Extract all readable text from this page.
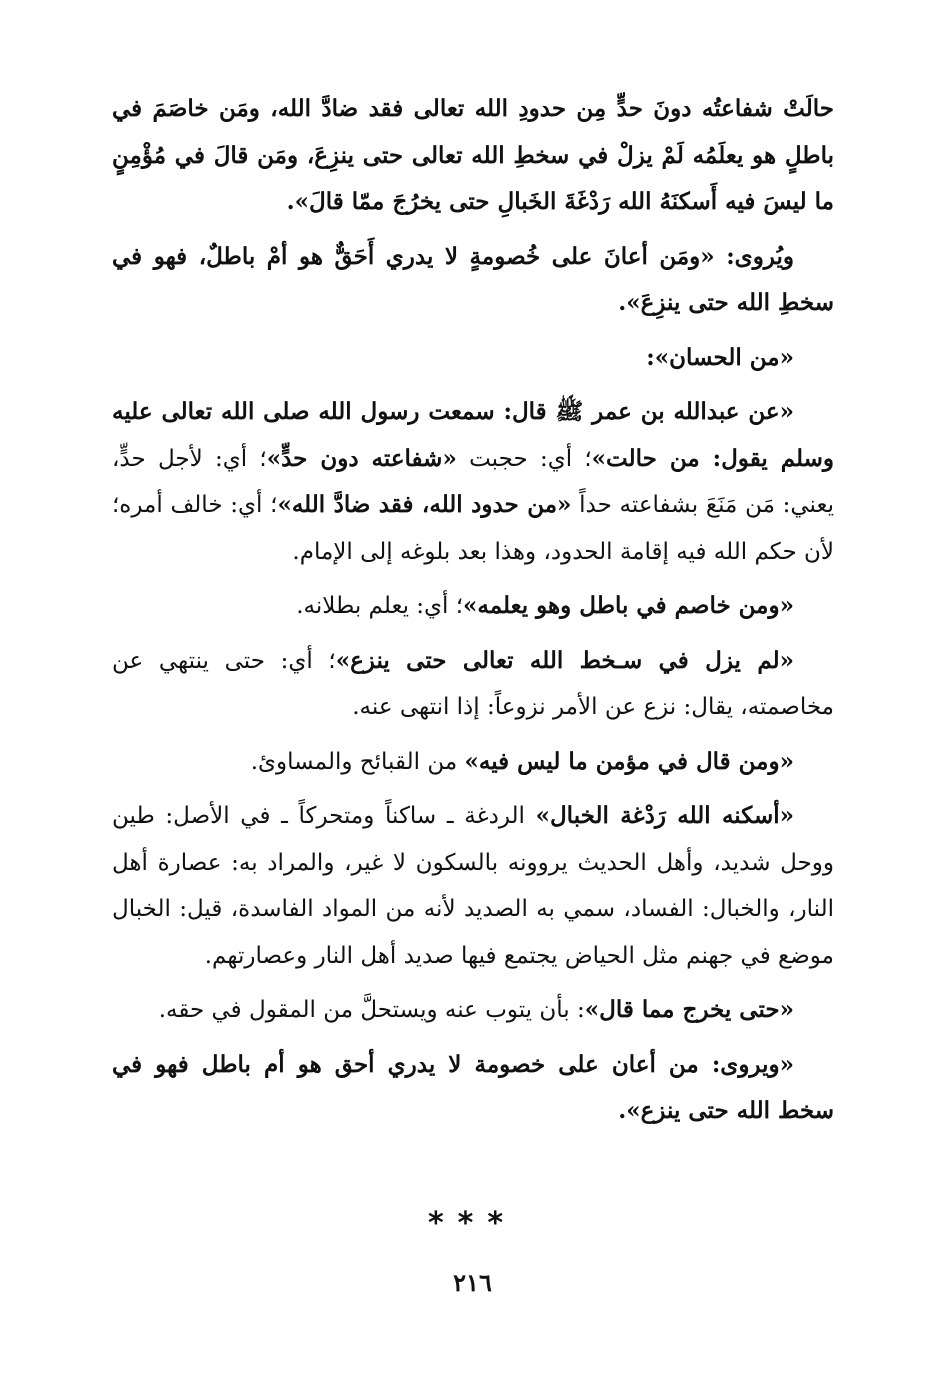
حالَتْ شفاعتُه دونَ حدٍّ مِن حدودِ الله تعالى فقد ضادَّ الله، ومَن خاصَمَ في باطلٍ هو يعلَمُه لَمْ يزلْ في سخطِ الله تعالى حتى ينزِعَ، ومَن قالَ في مُؤْمِنٍ ما ليسَ فيه أَسكنَهُ الله رَدْغَةَ الخَبالِ حتى يخرُجَ ممّا قالَ».

ويُروى: «ومَن أعانَ على خُصومةٍ لا يدري أَحَقٌّ هو أمْ باطلٌ، فهو في سخطِ الله حتى ينزِعَ».

«من الحسان»:

«عن عبدالله بن عمر ﷺ قال: سمعت رسول الله صلى الله تعالى عليه وسلم يقول: من حالت»؛ أي: حجبت «شفاعته دون حدٍّ»؛ أي: لأجل حدٍّ، يعني: مَن مَنَعَ بشفاعته حداً «من حدود الله، فقد ضادَّ الله»؛ أي: خالف أمره؛ لأن حكم الله فيه إقامة الحدود، وهذا بعد بلوغه إلى الإمام.

«ومن خاصم في باطل وهو يعلمه»؛ أي: يعلم بطلانه.

«لم يزل في سـخط الله تعالى حتى ينزع»؛ أي: حتى ينتهي عن مخاصمته، يقال: نزع عن الأمر نزوعاً: إذا انتهى عنه.

«ومن قال في مؤمن ما ليس فيه» من القبائح والمساوئ.

«أسكنه الله رَدْغة الخبال» الردغة ـ ساكناً ومتحركاً ـ في الأصل: طين ووحل شديد، وأهل الحديث يروونه بالسكون لا غير، والمراد به: عصارة أهل النار، والخبال: الفساد، سمي به الصديد لأنه من المواد الفاسدة، قيل: الخبال موضع في جهنم مثل الحياض يجتمع فيها صديد أهل النار وعصارتهم.

«حتى يخرج مما قال»: بأن يتوب عنه ويستحلَّ من المقول في حقه.

«ويروى: من أعان على خصومة لا يدري أحق هو أم باطل فهو في سخط الله حتى ينزع».

***
٢١٦
